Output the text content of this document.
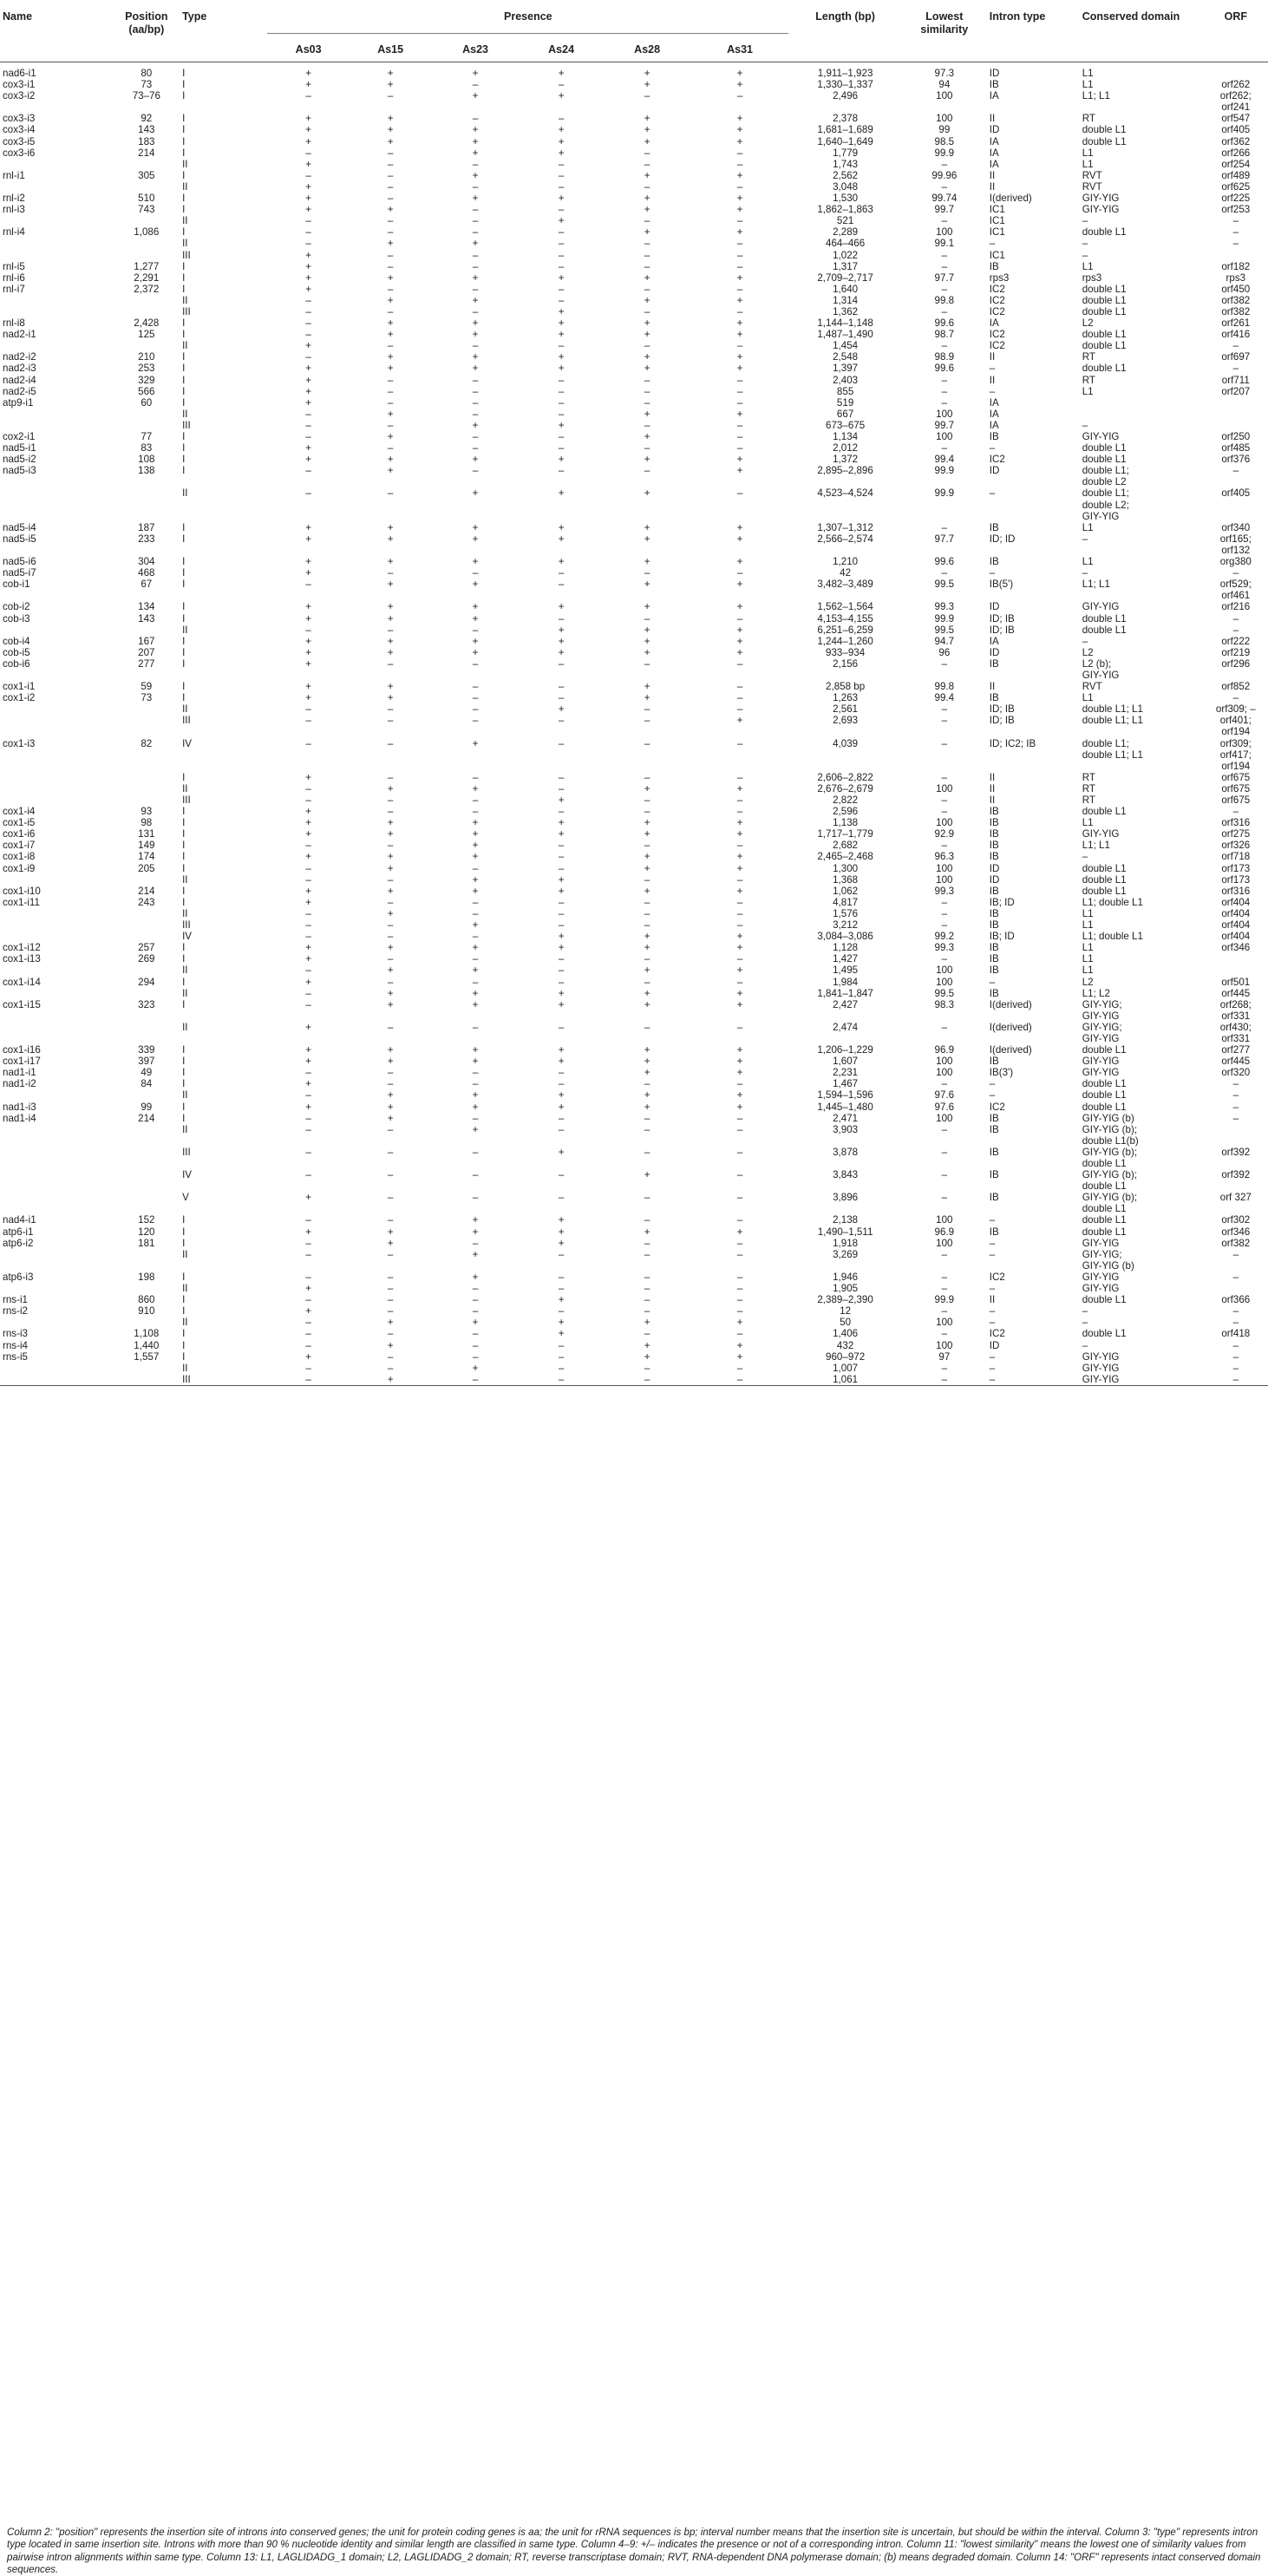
Name	Position (aa/bp)	Type	Presence						Length (bp)	Lowest similarity	Intron type	Conserved domain	ORF
			As03	As15	As23	As24	As28	As31					
nad6-i1	80	I	+	+	+	+	+	+	1,911–1,923	97.3	ID	L1	
cox3-i1	73	I	+	+	–	–	+	+	1,330–1,337	94	IB	L1	orf262
cox3-i2	73–76	I	–	–	+	+	–	–	2,496	100	IA	L1; L1	orf262;
orf241
cox3-i3	92	I	+	+	–	–	+	+	2,378	100	II	RT	orf547
cox3-i4	143	I	+	+	+	+	+	+	1,681–1,689	99	ID	double L1	orf405
cox3-i5	183	I	+	+	+	+	+	+	1,640–1,649	98.5	IA	double L1	orf362
cox3-i6	214	I	–	–	+	+	–	–	1,779	99.9	IA	L1	orf266
		II	+	–	–	–	–	–	1,743	–	IA	L1	orf254
rnl-i1	305	I	–	–	+	–	+	+	2,562	99.96	II	RVT	orf489
		II	+	–	–	–	–	–	3,048	–	II	RVT	orf625
rnl-i2	510	I	+	–	+	+	+	+	1,530	99.74	I(derived)	GIY-YIG	orf225
rnl-i3	743	I	+	+	–	–	+	+	1,862–1,863	99.7	IC1	GIY-YIG	orf253
		II	–	–	–	+	–	–	521	–	IC1	–	–
rnl-i4	1,086	I	–	–	–	–	+	+	2,289	100	IC1	double L1	–
		II	–	+	+	–	–	–	464–466	99.1	–	–	–
		III	+	–	–	–	–	–	1,022	–	IC1	–	
rnl-i5	1,277	I	+	–	–	–	–	–	1,317	–	IB	L1	orf182
rnl-i6	2,291	I	+	+	+	+	+	+	2,709–2,717	97.7	rps3	rps3	rps3
rnl-i7	2,372	I	+	–	–	–	–	–	1,640	–	IC2	double L1	orf450
		II	–	+	+	–	+	+	1,314	99.8	IC2	double L1	orf382
		III	–	–	–	+	–	–	1,362	–	IC2	double L1	orf382
rnl-i8	2,428	I	–	+	+	+	+	+	1,144–1,148	99.6	IA	L2	orf261
nad2-i1	125	I	–	+	+	+	+	+	1,487–1,490	98.7	IC2	double L1	orf416
		II	+	–	–	–	–	–	1,454	–	IC2	double L1	–
nad2-i2	210	I	–	+	+	+	+	+	2,548	98.9	II	RT	orf697
nad2-i3	253	I	+	+	+	+	+	+	1,397	99.6	–	double L1	–
nad2-i4	329	I	+	–	–	–	–	–	2,403	–	II	RT	orf711
nad2-i5	566	I	+	–	–	–	–	–	855	–	–	L1	orf207
atp9-i1	60	I	+	–	–	–	–	–	519	–	IA		
		II	–	+	–	–	+	+	667	100	IA		
		III	–	–	+	+	–	–	673–675	99.7	IA	–	
cox2-i1	77	I	–	+	–	–	+	–	1,134	100	IB	GIY-YIG	orf250
nad5-i1	83	I	+	–	–	–	–	–	2,012	–	–	double L1	orf485
nad5-i2	108	I	+	+	+	+	+	+	1,372	99.4	IC2	double L1	orf376
nad5-i3	138	I	–	+	–	–	–	+	2,895–2,896	99.9	ID	double L1;
double L2	–
		II	–	–	+	+	+	–	4,523–4,524	99.9	–	double L1;
double L2;
GIY-YIG	orf405
nad5-i4	187	I	+	+	+	+	+	+	1,307–1,312	–	IB	L1	orf340
nad5-i5	233	I	+	+	+	+	+	+	2,566–2,574	97.7	ID; ID	–	orf165;
orf132
nad5-i6	304	I	+	+	+	+	+	+	1,210	99.6	IB	L1	org380
nad5-i7	468	I	+	–	–	–	–	–	42	–	–	–	–
cob-i1	67	I	–	+	+	–	+	+	3,482–3,489	99.5	IB(5')	L1; L1	orf529;
orf461
cob-i2	134	I	+	+	+	+	+	+	1,562–1,564	99.3	ID	GIY-YIG	orf216
cob-i3	143	I	+	+	+	–	–	–	4,153–4,155	99.9	ID; IB	double L1	–
		II	–	–	–	+	+	+	6,251–6,259	99.5	ID; IB	double L1	–
cob-i4	167	I	+	+	+	+	+	+	1,244–1,260	94.7	IA	–	orf222
cob-i5	207	I	+	+	+	+	+	+	933–934	96	ID	L2	orf219
cob-i6	277	I	+	–	–	–	–	–	2,156	–	IB	L2 (b);
GIY-YIG	orf296
cox1-i1	59	I	+	+	–	–	+	–	2,858 bp	99.8	II	RVT	orf852
cox1-i2	73	I	+	+	–	–	+	–	1,263	99.4	IB	L1	–
		II	–	–	–	+	–	–	2,561	–	ID; IB	double L1; L1	orf309; –
		III	–	–	–	–	–	+	2,693	–	ID; IB	double L1; L1	orf401;
orf194
cox1-i3	82	IV	–	–	+	–	–	–	4,039	–	ID; IC2; IB	double L1;
double L1; L1	orf309;
orf417;
orf194
		I	+	–	–	–	–	–	2,606–2,822	–	II	RT	orf675
		II	–	+	+	–	+	+	2,676–2,679	100	II	RT	orf675
		III	–	–	–	+	–	–	2,822	–	II	RT	orf675
cox1-i4	93	I	+	–	–	–	–	–	2,596	–	IB	double L1	–
cox1-i5	98	I	+	+	+	+	+	+	1,138	100	IB	L1	orf316
cox1-i6	131	I	+	+	+	+	+	+	1,717–1,779	92.9	IB	GIY-YIG	orf275
cox1-i7	149	I	–	–	+	–	–	–	2,682	–	IB	L1; L1	orf326
cox1-i8	174	I	+	+	+	–	+	+	2,465–2,468	96.3	IB	–	orf718
cox1-i9	205	I	–	+	–	–	+	+	1,300	100	ID	double L1	orf173
		II	–	–	+	+	–	–	1,368	100	ID	double L1	orf173
cox1-i10	214	I	+	+	+	+	+	+	1,062	99.3	IB	double L1	orf316
cox1-i11	243	I	+	–	–	–	–	–	4,817	–	IB; ID	L1; double L1	orf404
		II	–	+	–	–	–	–	1,576	–	IB	L1	orf404
		III	–	–	+	–	–	–	3,212	–	IB	L1	orf404
		IV	–	–	–	+	+	+	3,084–3,086	99.2	IB; ID	L1; double L1	orf404
cox1-i12	257	I	+	+	+	+	+	+	1,128	99.3	IB	L1	orf346
cox1-i13	269	I	+	–	–	–	–	–	1,427	–	IB	L1	
		II	–	+	+	–	+	+	1,495	100	IB	L1	
cox1-i14	294	I	+	–	–	–	–	–	1,984	100	–	L2	orf501
		II	–	+	+	+	+	+	1,841–1,847	99.5	IB	L1; L2	orf445
cox1-i15	323	I	–	+	+	+	+	+	2,427	98.3	I(derived)	GIY-YIG;
GIY-YIG	orf268;
orf331
		II	+	–	–	–	–	–	2,474	–	I(derived)	GIY-YIG;
GIY-YIG	orf430;
orf331
cox1-i16	339	I	+	+	+	+	+	+	1,206–1,229	96.9	I(derived)	double L1	orf277
cox1-i17	397	I	+	+	+	+	+	+	1,607	100	IB	GIY-YIG	orf445
nad1-i1	49	I	–	–	–	–	+	+	2,231	100	IB(3')	GIY-YIG	orf320
nad1-i2	84	I	+	–	–	–	–	–	1,467	–	–	double L1	–
		II	–	+	+	+	+	+	1,594–1,596	97.6	–	double L1	–
nad1-i3	99	I	+	+	+	+	+	+	1,445–1,480	97.6	IC2	double L1	–
nad1-i4	214	I	–	+	–	–	–	–	2,471	100	IB	GIY-YIG (b)	–
		II	–	–	+	–	–	–	3,903	–	IB	GIY-YIG (b);
double L1(b)	
		III	–	–	–	+	–	–	3,878	–	IB	GIY-YIG (b);
double L1	orf392
		IV	–	–	–	–	+	–	3,843	–	IB	GIY-YIG (b);
double L1	orf392
		V	+	–	–	–	–	–	3,896	–	IB	GIY-YIG (b);
double L1	orf 327
nad4-i1	152	I	–	–	+	+	–	–	2,138	100	–	double L1	orf302
atp6-i1	120	I	+	+	+	+	+	+	1,490–1,511	96.9	IB	double L1	orf346
atp6-i2	181	I	–	+	–	+	–	–	1,918	100	–	GIY-YIG	orf382
		II	–	–	+	–	–	–	3,269	–	–	GIY-YIG;
GIY-YIG (b)	–
atp6-i3	198	I	–	–	+	–	–	–	1,946	–	IC2	GIY-YIG	–
		II	+	–	–	–	–	–	1,905	–	–	GIY-YIG	
rns-i1	860	I	–	–	–	+	–	–	2,389–2,390	99.9	II	double L1	orf366
rns-i2	910	I	+	–	–	–	–	–	12	–	–	–	–
		II	–	+	+	+	+	+	50	100	–	–	–
rns-i3	1,108	I	–	–	–	+	–	–	1,406	–	IC2	double L1	orf418
rns-i4	1,440	I	–	+	–	–	+	+	432	100	ID	–	–
rns-i5	1,557	I	+	–	–	–	+	+	960–972	97	–	GIY-YIG	–
		II	–	–	+	–	–	–	1,007	–	–	GIY-YIG	–
		III	–	+	–	–	–	–	1,061	–	–	GIY-YIG	–
Column 2: "position" represents the insertion site of introns into conserved genes; the unit for protein coding genes is aa; the unit for rRNA sequences is bp; interval number means that the insertion site is uncertain, but should be within the interval. Column 3: "type" represents intron type located in same insertion site. Introns with more than 90 % nucleotide identity and similar length are classified in same type. Column 4–9: +/– indicates the presence or not of a corresponding intron. Column 11: "lowest similarity" means the lowest one of similarity values from pairwise intron alignments within same type. Column 13: L1, LAGLIDADG_1 domain; L2, LAGLIDADG_2 domain; RT, reverse transcriptase domain; RVT, RNA-dependent DNA polymerase domain; (b) means degraded domain. Column 14: "ORF" represents intact conserved domain sequences.
